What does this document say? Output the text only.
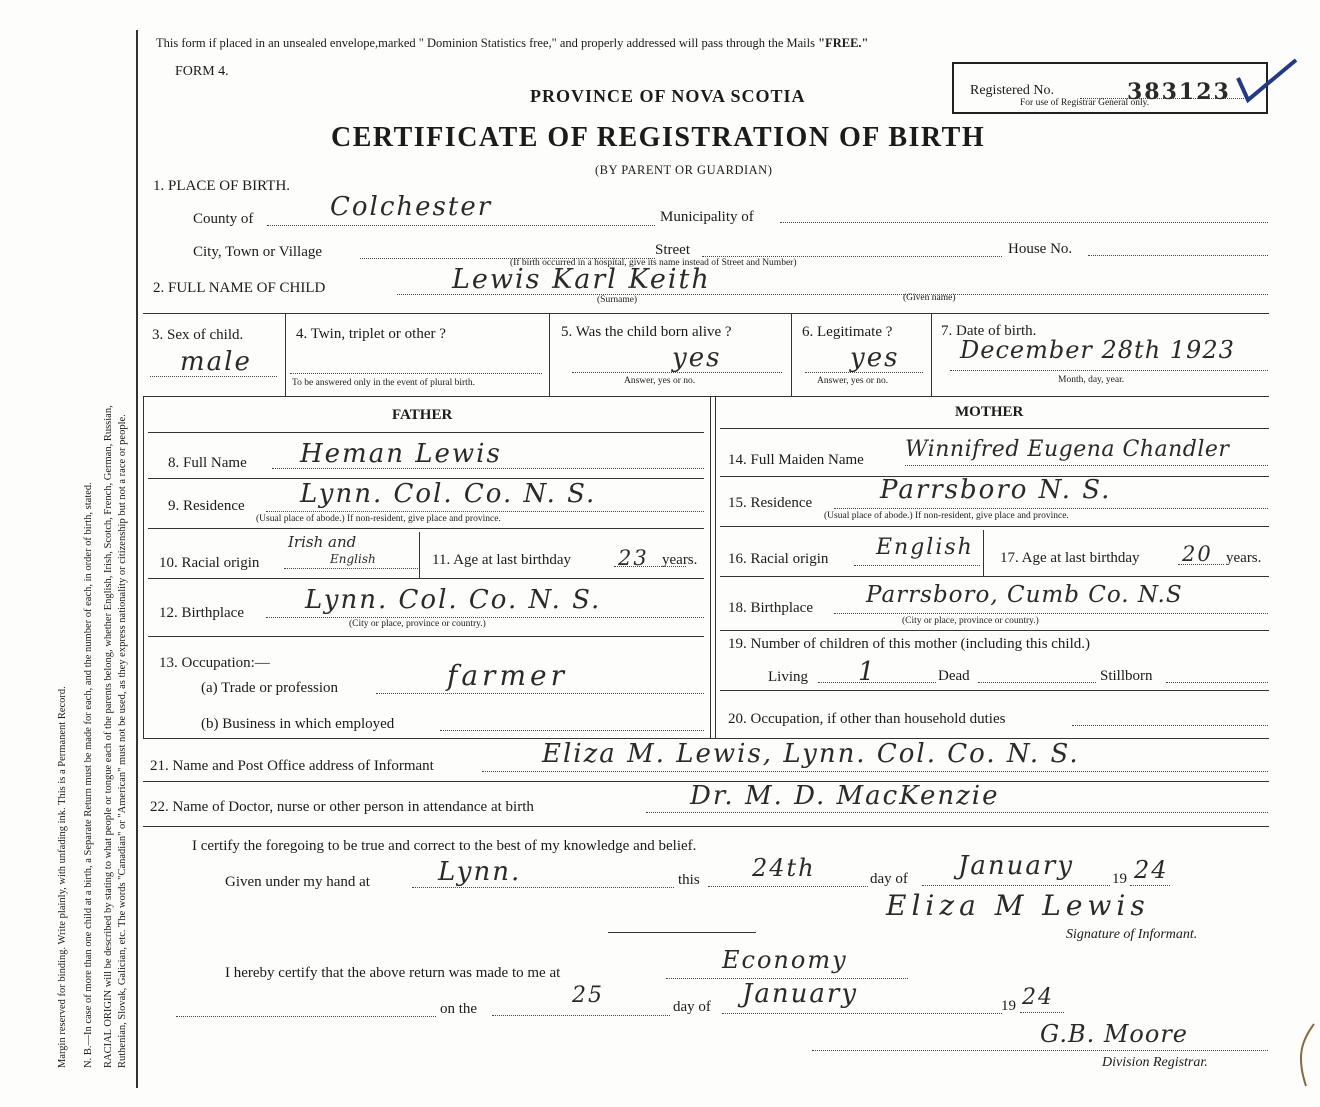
Margin reserved for binding. Write plainly, with unfading ink. This is a Permanent Record. N. B.—In case of more than one child at a birth, a Separate Return must be made for each, and the number of each, in order of birth, stated. RACIAL ORIGIN will be described by stating to what people or tongue each of the parents belong, whether English, Irish, Scotch, French, German, Russian, Ruthenian, Slovak, Galician, etc. The words "Canadian" or "American" must not be used, as they express nationality or citizenship but not a race or people.
This form if placed in an unsealed envelope,marked " Dominion Statistics free," and properly addressed will pass through the Mails "FREE."
FORM 4.
Registered No.	383123
For use of Registrar General only.
PROVINCE OF NOVA SCOTIA
CERTIFICATE OF REGISTRATION OF BIRTH
(BY PARENT OR GUARDIAN)
1. PLACE OF BIRTH.
County of	Colchester	Municipality of
City, Town or Village	Street	House No.
(If birth occurred in a hospital, give its name instead of Street and Number)
2. FULL NAME OF CHILD	Lewis Karl Keith
(Surname)	(Given name)
3. Sex of child.
male
4. Twin, triplet or other ?
To be answered only in the event of plural birth.
5. Was the child born alive ?
yes
Answer, yes or no.
6. Legitimate ?
yes
Answer, yes or no.
7. Date of birth.
December 28th 1923
Month, day, year.
FATHER	MOTHER
8. Full Name Heman Lewis
9. Residence Lynn. Col. Co. N. S.
(Usual place of abode.) If non-resident, give place and province.
10. Racial origin
Irish and
English	11. Age at last birthday 23 years.
12. Birthplace Lynn. Col. Co. N. S.
(City or place, province or country.)
13. Occupation:—
(a) Trade or profession	farmer
(b) Business in which employed
14. Full Maiden Name Winnifred Eugena Chandler
15. Residence	Parrsboro N. S.
(Usual place of abode.) If non-resident, give place and province.
16. Racial origin English 17. Age at last birthday 20 years.
18. Birthplace Parrsboro, Cumb Co. N.S
(City or place, province or country.)
19. Number of children of this mother (including this child.)
Living 1	Dead	Stillborn
20. Occupation, if other than household duties
21. Name and Post Office address of Informant	Eliza M. Lewis, Lynn. Col. Co. N. S.
22. Name of Doctor, nurse or other person in attendance at birth	Dr. M. D. MacKenzie
I certify the foregoing to be true and correct to the best of my knowledge and belief.
Given under my hand at	Lynn.	this 24th	day of January	19 24
Eliza M Lewis
Signature of Informant.
I hereby certify that the above return was made to me at	Economy
on the
25	day of January	19 24
G.B. Moore
Division Registrar.
